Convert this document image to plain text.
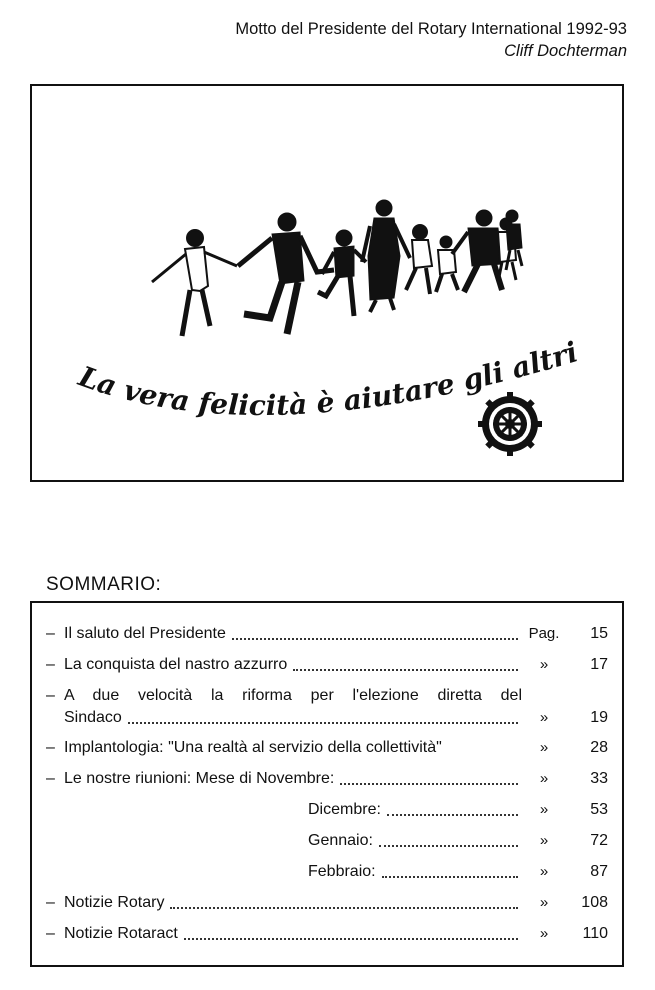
Motto del Presidente del Rotary International 1992-93
Cliff Dochterman
La vera felicità è aiutare gli altri
SOMMARIO:
– Il saluto del Presidente	Pag.	15
– La conquista del nastro azzurro	»	17
– A due velocità la riforma per l'elezione diretta del
Sindaco	»	19
– Implantologia: "Una realtà al servizio della collettività"	»	28
– Le nostre riunioni: Mese di Novembre:	»	33
Dicembre:	»	53
Gennaio:	»	72
Febbraio:	»	87
– Notizie Rotary	»	108
– Notizie Rotaract	»	110
